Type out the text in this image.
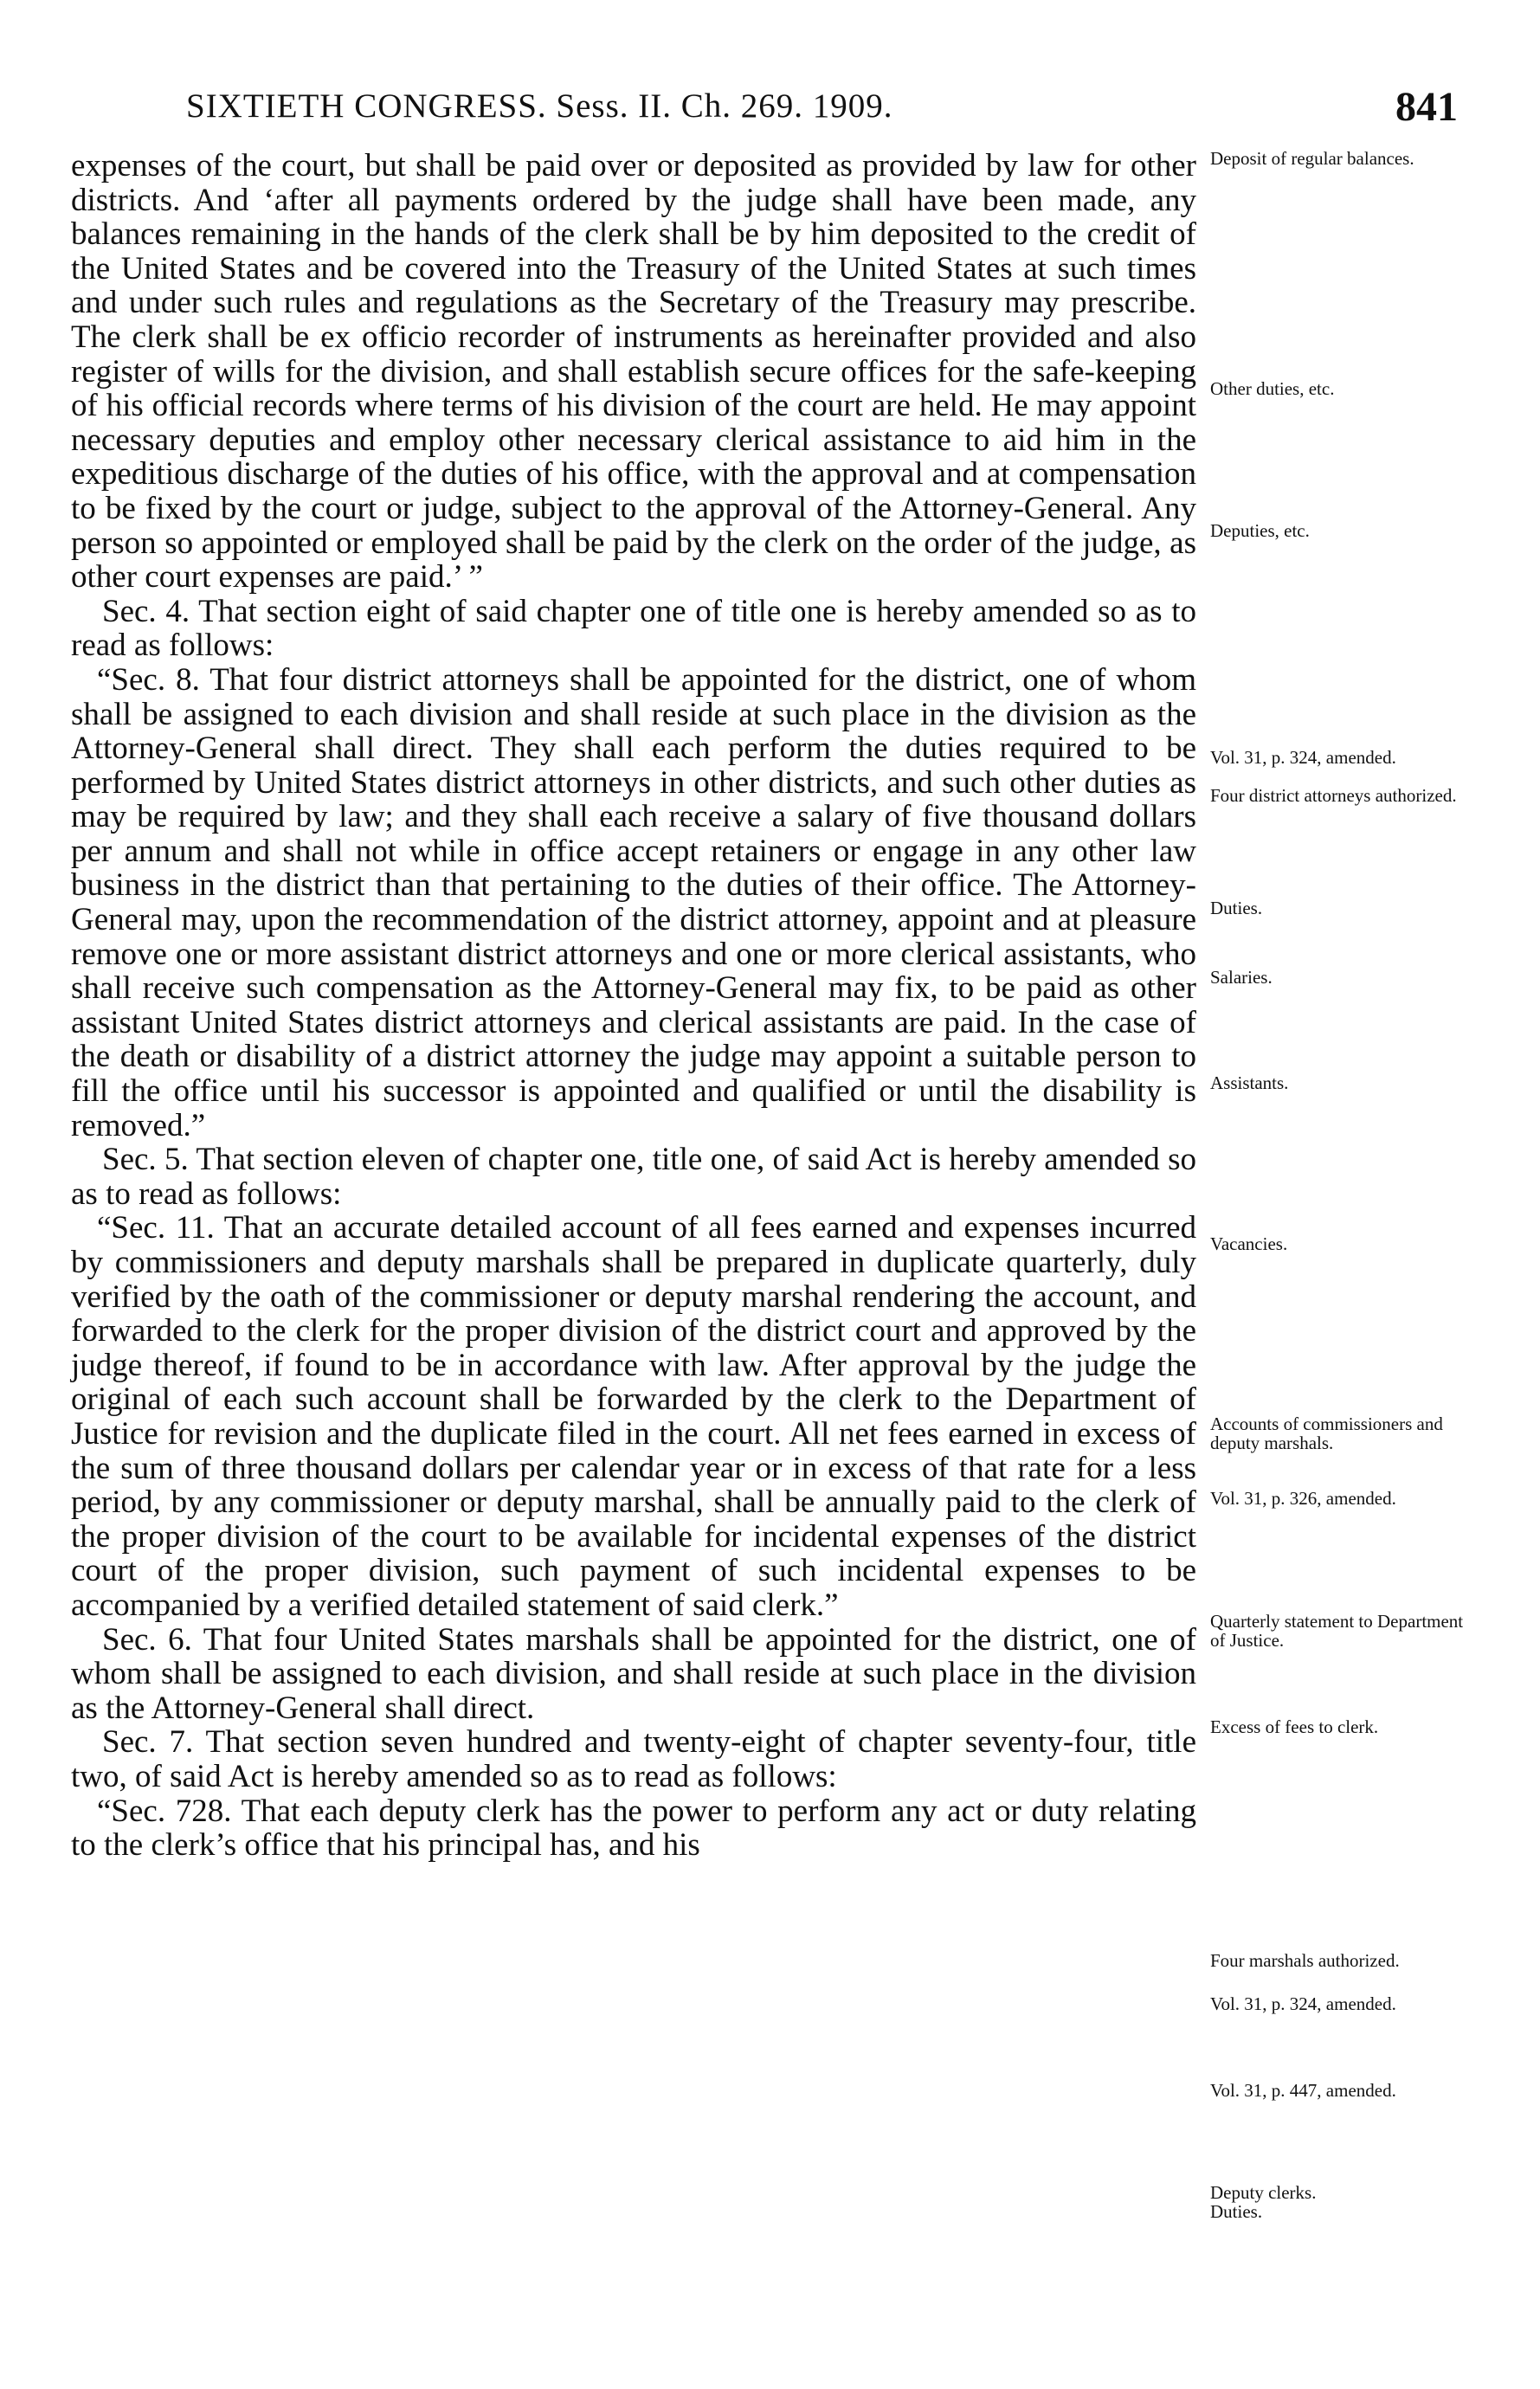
SIXTIETH CONGRESS. Sess. II. Ch. 269. 1909.	841

expenses of the court, but shall be paid over or deposited as provided by law for other districts. And ‘after all payments ordered by the judge shall have been made, any balances remaining in the hands of the clerk shall be by him deposited to the credit of the United States and be covered into the Treasury of the United States at such times and under such rules and regulations as the Secretary of the Treasury may prescribe. The clerk shall be ex officio recorder of instruments as hereinafter provided and also register of wills for the division, and shall establish secure offices for the safe-keeping of his official records where terms of his division of the court are held. He may appoint necessary deputies and employ other necessary clerical assistance to aid him in the expeditious discharge of the duties of his office, with the approval and at compensation to be fixed by the court or judge, subject to the approval of the Attorney-General. Any person so appointed or employed shall be paid by the clerk on the order of the judge, as other court expenses are paid.’ ”

Sec. 4. That section eight of said chapter one of title one is hereby amended so as to read as follows:

“Sec. 8. That four district attorneys shall be appointed for the district, one of whom shall be assigned to each division and shall reside at such place in the division as the Attorney-General shall direct. They shall each perform the duties required to be performed by United States district attorneys in other districts, and such other duties as may be required by law; and they shall each receive a salary of five thousand dollars per annum and shall not while in office accept retainers or engage in any other law business in the district than that pertaining to the duties of their office. The Attorney-General may, upon the recommendation of the district attorney, appoint and at pleasure remove one or more assistant district attorneys and one or more clerical assistants, who shall receive such compensation as the Attorney-General may fix, to be paid as other assistant United States district attorneys and clerical assistants are paid. In the case of the death or disability of a district attorney the judge may appoint a suitable person to fill the office until his successor is appointed and qualified or until the disability is removed.”

Sec. 5. That section eleven of chapter one, title one, of said Act is hereby amended so as to read as follows:

“Sec. 11. That an accurate detailed account of all fees earned and expenses incurred by commissioners and deputy marshals shall be prepared in duplicate quarterly, duly verified by the oath of the commissioner or deputy marshal rendering the account, and forwarded to the clerk for the proper division of the district court and approved by the judge thereof, if found to be in accordance with law. After approval by the judge the original of each such account shall be forwarded by the clerk to the Department of Justice for revision and the duplicate filed in the court. All net fees earned in excess of the sum of three thousand dollars per calendar year or in excess of that rate for a less period, by any commissioner or deputy marshal, shall be annually paid to the clerk of the proper division of the court to be available for incidental expenses of the district court of the proper division, such payment of such incidental expenses to be accompanied by a verified detailed statement of said clerk.”

Sec. 6. That four United States marshals shall be appointed for the district, one of whom shall be assigned to each division, and shall reside at such place in the division as the Attorney-General shall direct.

Sec. 7. That section seven hundred and twenty-eight of chapter seventy-four, title two, of said Act is hereby amended so as to read as follows:

“Sec. 728. That each deputy clerk has the power to perform any act or duty relating to the clerk’s office that his principal has, and his

Deposit of regular balances.
Other duties, etc.
Deputies, etc.
Vol. 31, p. 324, amended.
Four district attorneys authorized.
Duties.
Salaries.
Assistants.
Vacancies.
Accounts of commissioners and deputy marshals.
Vol. 31, p. 326, amended.
Quarterly statement to Department of Justice.
Excess of fees to clerk.
Four marshals authorized.
Vol. 31, p. 324, amended.
Vol. 31, p. 447, amended.
Deputy clerks.
Duties.
